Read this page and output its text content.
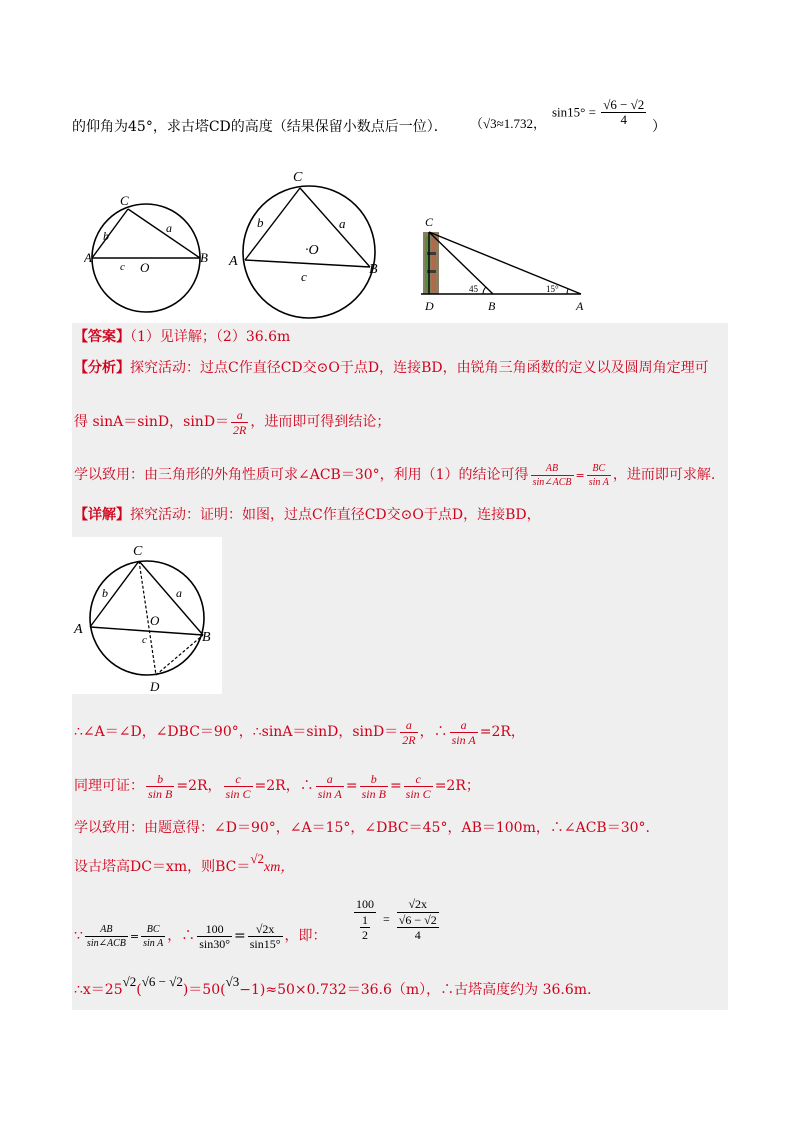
的仰角为45°，求古塔CD的高度（结果保留小数点后一位）． （√3≈1.732，
$\sin 15^\circ = \frac{√6 - √2}{4}$ ）
C
A	B
O
a
b
c
C
A
B
·O
a
b
c
C
D	B	A
45	15°
【答案】（1）见详解；（2）36.6m
【分析】探究活动：过点C作直径CD交⊙O于点D，连接BD，由锐角三角函数的定义以及圆周角定理可
得 sinA＝sinD，$\sin D= \frac{a}{2R}$ ，进而即可得到结论；
学以致用：由三角形的外角性质可求∠ACB＝30°，利用（1）的结论可得 $\frac{AB}{\text{sin∠ACB}} = \frac{BC}{\text{sin A}}$ ，进而即可求解.
【详解】探究活动：证明：如图，过点C作直径CD交⊙O于点D，连接BD，
C
A
B
O
D
a
b
c
∴∠A＝∠D，∠DBC＝90°，∴sinA＝sinD，$\sin D= \frac{a}{2R}$ ，∴ $\frac{a}{\text{sin A}} =2R$，
同理可证： $\frac{b}{\text{sin B}} =2R$， $\frac{c}{\text{sin C}} =2R$，∴ $\frac{a}{\text{sin A}} = \frac{b}{\text{sin B}} = \frac{c}{\text{sin C}} =2R$；
学以致用：由题意得：∠D＝90°，∠A＝15°，∠DBC＝45°，AB＝100m，∴∠ACB＝30°.
设古塔高DC＝xm，则BC＝√2xm，
∵ $\frac{AB}{\text{sin∠ACB}} = \frac{BC}{\text{sin A}}$ ，∴ $\frac{100}{\sin 30^\circ} = \frac{√2x}{\sin 15^\circ}$ ，即： $\frac{100}{\frac{1}{2}} = \frac{√2x}{\frac{√6 - √2}{4}}$
∴x＝25√2(√6 − √2)＝50(√3−1)≈50×0.732＝36.6（m），∴古塔高度约为 36.6m.
